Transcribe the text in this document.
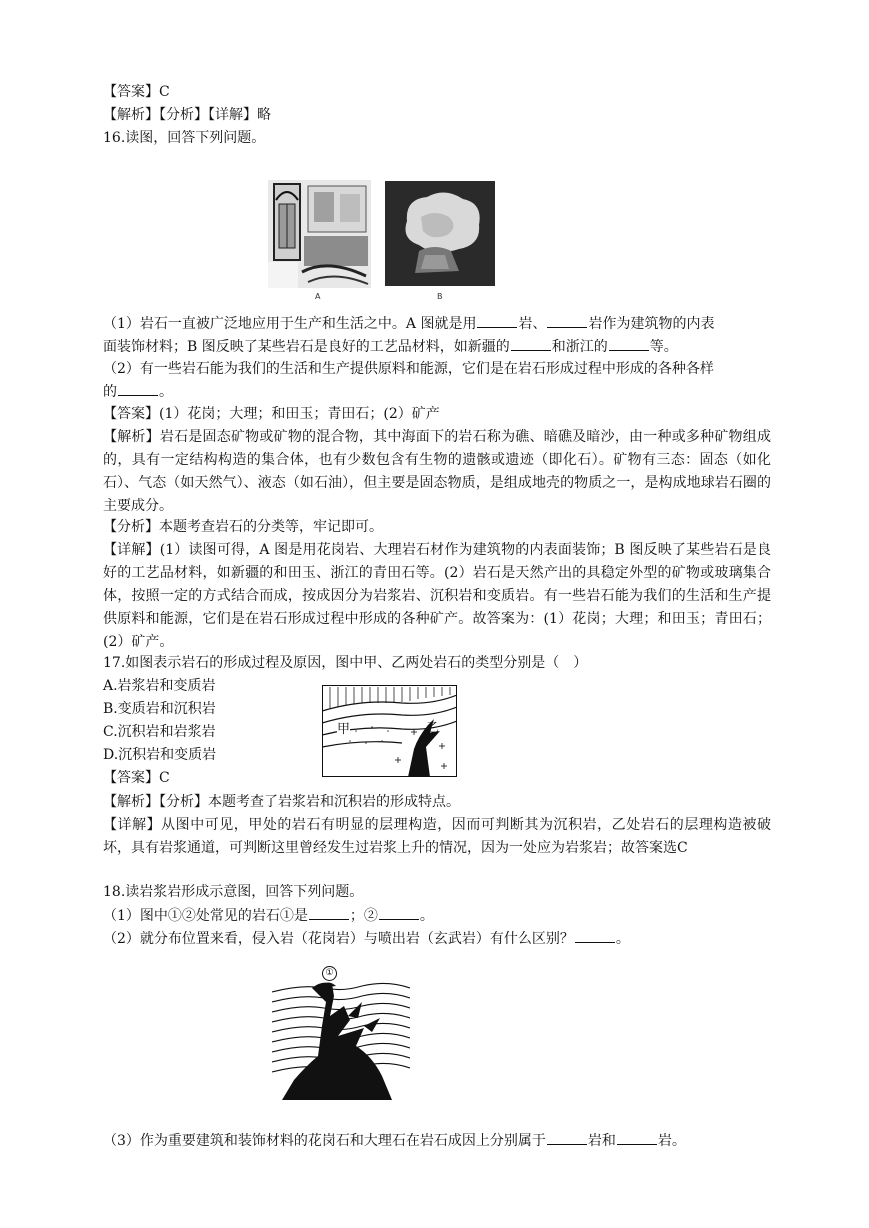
【答案】C
【解析】【分析】【详解】略
16.读图，回答下列问题。
A	B
（1）岩石一直被广泛地应用于生产和生活之中。A 图就是用	岩、	岩作为建筑物的内表
面装饰材料；B 图反映了某些岩石是良好的工艺品材料，如新疆的	和浙江的	等。
（2）有一些岩石能为我们的生活和生产提供原料和能源，它们是在岩石形成过程中形成的各种各样
的	。
【答案】(1）花岗；大理；和田玉；青田石；(2）矿产
【解析】岩石是固态矿物或矿物的混合物，其中海面下的岩石称为礁、暗礁及暗沙，由一种或多种矿物组成的，具有一定结构构造的集合体，也有少数包含有生物的遗骸或遗迹（即化石）。矿物有三态：固态（如化石）、气态（如天然气）、液态（如石油），但主要是固态物质，是组成地壳的物质之一，是构成地球岩石圈的主要成分。
【分析】本题考查岩石的分类等，牢记即可。
【详解】(1）读图可得，A 图是用花岗岩、大理岩石材作为建筑物的内表面装饰；B 图反映了某些岩石是良好的工艺品材料，如新疆的和田玉、浙江的青田石等。(2）岩石是天然产出的具稳定外型的矿物或玻璃集合体，按照一定的方式结合而成，按成因分为岩浆岩、沉积岩和变质岩。有一些岩石能为我们的生活和生产提供原料和能源，它们是在岩石形成过程中形成的各种矿产。故答案为：(1）花岗；大理；和田玉；青田石；(2）矿产。
17.如图表示岩石的形成过程及原因，图中甲、乙两处岩石的类型分别是（　）
A.岩浆岩和变质岩
B.变质岩和沉积岩
C.沉积岩和岩浆岩
D.沉积岩和变质岩
甲	乙
【答案】C
【解析】【分析】本题考查了岩浆岩和沉积岩的形成特点。
【详解】从图中可见，甲处的岩石有明显的层理构造，因而可判断其为沉积岩，乙处岩石的层理构造被破坏，具有岩浆通道，可判断这里曾经发生过岩浆上升的情况，因为一处应为岩浆岩；故答案选C
18.读岩浆岩形成示意图，回答下列问题。
（1）图中①②处常见的岩石①是	；②	。
（2）就分布位置来看，侵入岩（花岗岩）与喷出岩（玄武岩）有什么区别？	。
①
（3）作为重要建筑和装饰材料的花岗石和大理石在岩石成因上分别属于	岩和	岩。
